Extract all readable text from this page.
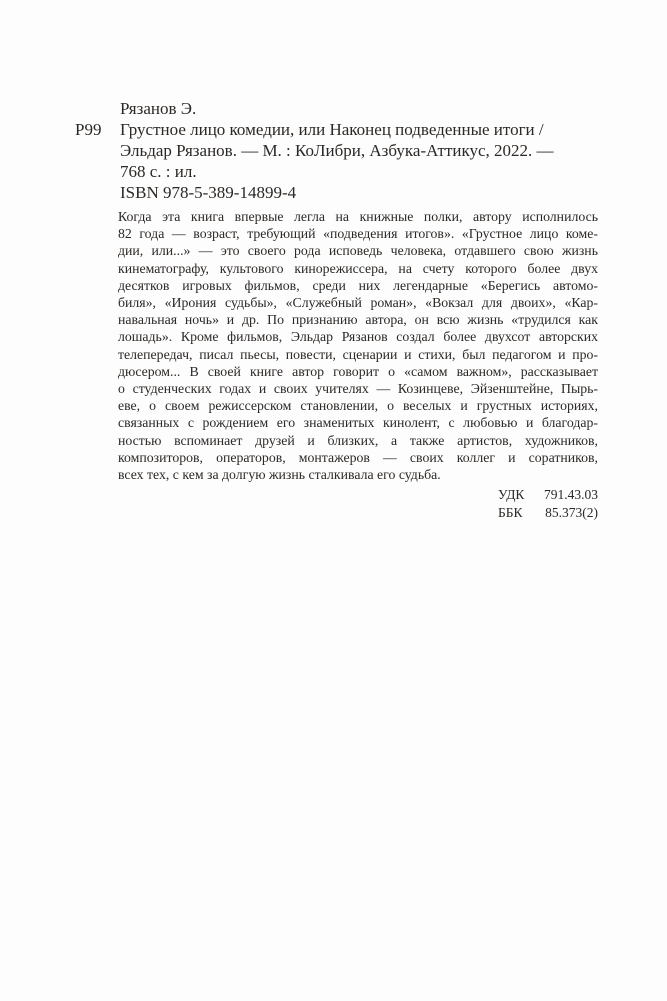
Рязанов Э.
Р99 Грустное лицо комедии, или Наконец подведенные итоги /
Эльдар Рязанов. — М. : КоЛибри, Азбука-Аттикус, 2022. —
768 с. : ил.
ISBN 978-5-389-14899-4
Когда эта книга впервые легла на книжные полки, автору исполнилось
82 года — возраст, требующий «подведения итогов». «Грустное лицо коме-
дии, или...» — это своего рода исповедь человека, отдавшего свою жизнь
кинематографу, культового кинорежиссера, на счету которого более двух
десятков игровых фильмов, среди них легендарные «Берегись автомо-
биля», «Ирония судьбы», «Служебный роман», «Вокзал для двоих», «Кар-
навальная ночь» и др. По признанию автора, он всю жизнь «трудился как
лошадь». Кроме фильмов, Эльдар Рязанов создал более двухсот авторских
телепередач, писал пьесы, повести, сценарии и стихи, был педагогом и про-
дюсером... В своей книге автор говорит о «самом важном», рассказывает
о студенческих годах и своих учителях — Козинцеве, Эйзенштейне, Пырь-
еве, о своем режиссерском становлении, о веселых и грустных историях,
связанных с рождением его знаменитых кинолент, с любовью и благодар-
ностью вспоминает друзей и близких, а также артистов, художников,
композиторов, операторов, монтажеров — своих коллег и соратников,
всех тех, с кем за долгую жизнь сталкивала его судьба.
УДК	791.43.03
ББК	85.373(2)
